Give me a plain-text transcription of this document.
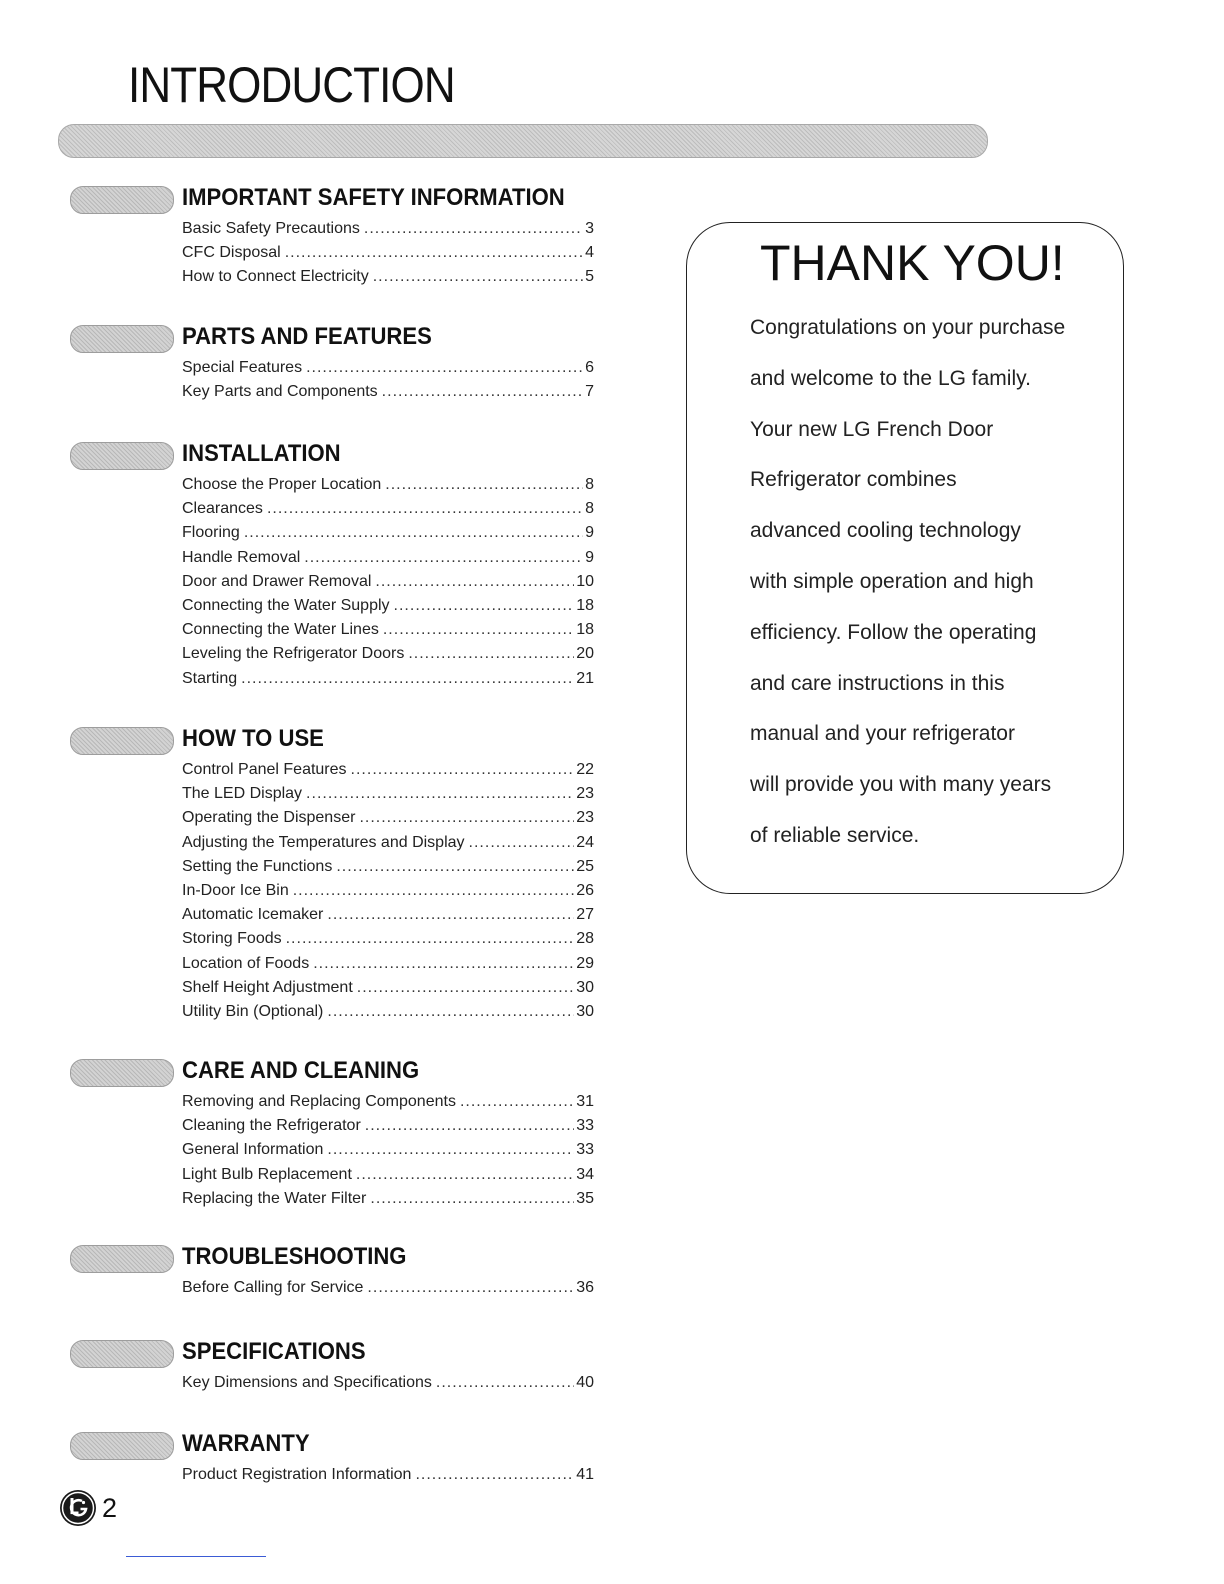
INTRODUCTION
IMPORTANT SAFETY INFORMATION
Basic Safety Precautions .....	3
CFC Disposal .....	4
How to Connect Electricity .....	5
PARTS AND FEATURES
Special Features .....	6
Key Parts and Components .....	7
INSTALLATION
Choose the Proper Location .....	8
Clearances .....	8
Flooring .....	9
Handle Removal .....	9
Door and Drawer Removal .....	10
Connecting the Water Supply .....	18
Connecting the Water Lines .....	18
Leveling the Refrigerator Doors .....	20
Starting .....	21
HOW TO USE
Control Panel Features .....	22
The LED Display .....	23
Operating the Dispenser .....	23
Adjusting the Temperatures and Display .....	24
Setting the Functions .....	25
In-Door Ice Bin .....	26
Automatic Icemaker .....	27
Storing Foods .....	28
Location of Foods .....	29
Shelf Height Adjustment .....	30
Utility Bin (Optional) .....	30
CARE AND CLEANING
Removing and Replacing Components .....	31
Cleaning the Refrigerator .....	33
General Information .....	33
Light Bulb Replacement .....	34
Replacing the Water Filter .....	35
TROUBLESHOOTING
Before Calling for Service .....	36
SPECIFICATIONS
Key Dimensions and Specifications .....	40
WARRANTY
Product Registration Information .....	41
THANK YOU!
Congratulations on your purchase
and welcome to the LG family.
Your new LG French Door
Refrigerator combines
advanced cooling technology
with simple operation and high
efficiency. Follow the operating
and care instructions in this
manual and your refrigerator
will provide you with many years
of reliable service.
2
